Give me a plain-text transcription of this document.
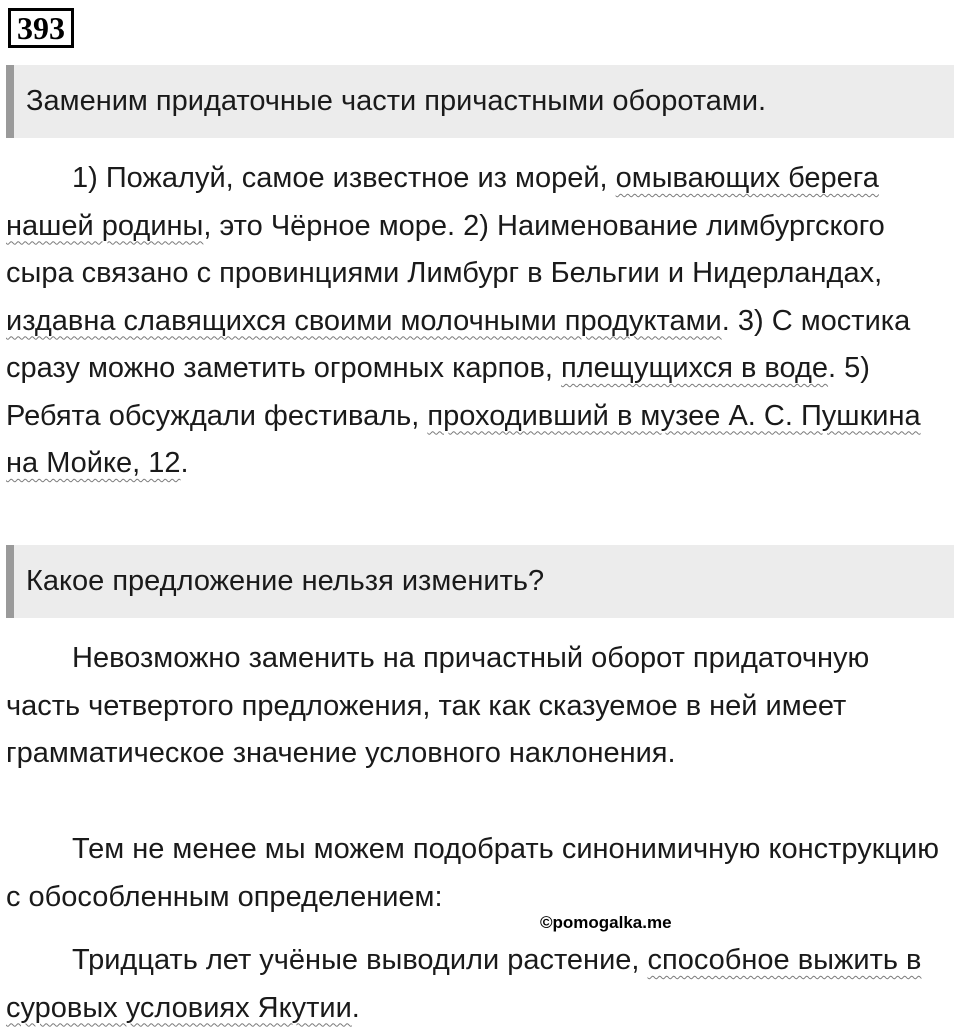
393
Заменим придаточные части причастными оборотами.

1) Пожалуй, самое известное из морей, омывающих берега нашей родины, это Чёрное море. 2) Наименование лимбургского сыра связано с провинциями Лимбург в Бельгии и Нидерландах, издавна славящихся своими молочными продуктами. 3) С мостика сразу можно заметить огромных карпов, плещущихся в воде. 5) Ребята обсуждали фестиваль, проходивший в музее А. С. Пушкина на Мойке, 12.

Какое предложение нельзя изменить?

Невозможно заменить на причастный оборот придаточную часть четвертого предложения, так как сказуемое в ней имеет грамматическое значение условного наклонения.

Тем не менее мы можем подобрать синонимичную конструкцию с обособленным определением:

©pomogalka.me

Тридцать лет учёные выводили растение, способное выжить в суровых условиях Якутии.
